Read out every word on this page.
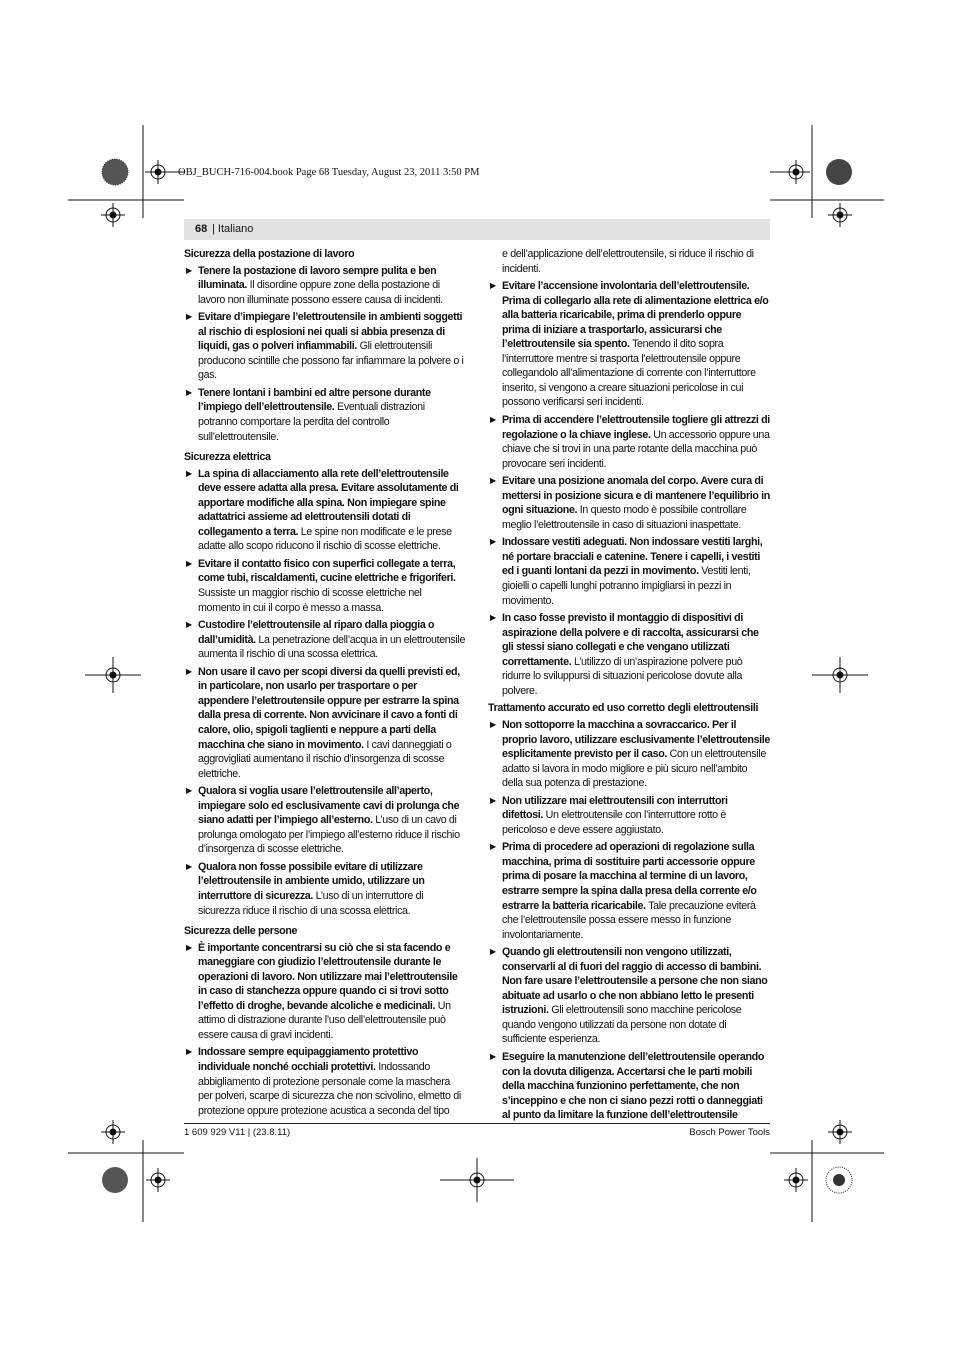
OBJ_BUCH-716-004.book Page 68 Tuesday, August 23, 2011 3:50 PM
68 | Italiano
Sicurezza della postazione di lavoro
▶ Tenere la postazione di lavoro sempre pulita e ben illuminata. Il disordine oppure zone della postazione di lavoro non illuminate possono essere causa di incidenti.
▶ Evitare d’impiegare l’elettroutensile in ambienti soggetti al rischio di esplosioni nei quali si abbia presenza di liquidi, gas o polveri infiammabili. Gli elettroutensili producono scintille che possono far infiammare la polvere o i gas.
▶ Tenere lontani i bambini ed altre persone durante l’impiego dell’elettroutensile. Eventuali distrazioni potranno comportare la perdita del controllo sull’elettroutensile.
Sicurezza elettrica
▶ La spina di allacciamento alla rete dell’elettroutensile deve essere adatta alla presa. Evitare assolutamente di apportare modifiche alla spina. Non impiegare spine adattatrici assieme ad elettroutensili dotati di collegamento a terra. Le spine non modificate e le prese adatte allo scopo riducono il rischio di scosse elettriche.
▶ Evitare il contatto fisico con superfici collegate a terra, come tubi, riscaldamenti, cucine elettriche e frigoriferi. Sussiste un maggior rischio di scosse elettriche nel momento in cui il corpo è messo a massa.
▶ Custodire l’elettroutensile al riparo dalla pioggia o dall’umidità. La penetrazione dell’acqua in un elettroutensile aumenta il rischio di una scossa elettrica.
▶ Non usare il cavo per scopi diversi da quelli previsti ed, in particolare, non usarlo per trasportare o per appendere l’elettroutensile oppure per estrarre la spina dalla presa di corrente. Non avvicinare il cavo a fonti di calore, olio, spigoli taglienti e neppure a parti della macchina che siano in movimento. I cavi danneggiati o aggrovigliati aumentano il rischio d’insorgenza di scosse elettriche.
▶ Qualora si voglia usare l’elettroutensile all’aperto, impiegare solo ed esclusivamente cavi di prolunga che siano adatti per l’impiego all’esterno. L’uso di un cavo di prolunga omologato per l’impiego all’esterno riduce il rischio d’insorgenza di scosse elettriche.
▶ Qualora non fosse possibile evitare di utilizzare l’elettroutensile in ambiente umido, utilizzare un interruttore di sicurezza. L’uso di un interruttore di sicurezza riduce il rischio di una scossa elettrica.
Sicurezza delle persone
▶ È importante concentrarsi su ciò che si sta facendo e maneggiare con giudizio l’elettroutensile durante le operazioni di lavoro. Non utilizzare mai l’elettroutensile in caso di stanchezza oppure quando ci si trovi sotto l’effetto di droghe, bevande alcoliche e medicinali. Un attimo di distrazione durante l’uso dell’elettroutensile può essere causa di gravi incidenti.
▶ Indossare sempre equipaggiamento protettivo individuale nonché occhiali protettivi. Indossando abbigliamento di protezione personale come la maschera per polveri, scarpe di sicurezza che non scivolino, elmetto di protezione oppure protezione acustica a seconda del tipo
e dell’applicazione dell’elettroutensile, si riduce il rischio di incidenti.
▶ Evitare l’accensione involontaria dell’elettroutensile. Prima di collegarlo alla rete di alimentazione elettrica e/o alla batteria ricaricabile, prima di prenderlo oppure prima di iniziare a trasportarlo, assicurarsi che l’elettroutensile sia spento. Tenendo il dito sopra l’interruttore mentre si trasporta l’elettroutensile oppure collegandolo all’alimentazione di corrente con l’interruttore inserito, si vengono a creare situazioni pericolose in cui possono verificarsi seri incidenti.
▶ Prima di accendere l’elettroutensile togliere gli attrezzi di regolazione o la chiave inglese. Un accessorio oppure una chiave che si trovi in una parte rotante della macchina può provocare seri incidenti.
▶ Evitare una posizione anomala del corpo. Avere cura di mettersi in posizione sicura e di mantenere l’equilibrio in ogni situazione. In questo modo è possibile controllare meglio l’elettroutensile in caso di situazioni inaspettate.
▶ Indossare vestiti adeguati. Non indossare vestiti larghi, né portare bracciali e catenine. Tenere i capelli, i vestiti ed i guanti lontani da pezzi in movimento. Vestiti lenti, gioielli o capelli lunghi potranno impigliarsi in pezzi in movimento.
▶ In caso fosse previsto il montaggio di dispositivi di aspirazione della polvere e di raccolta, assicurarsi che gli stessi siano collegati e che vengano utilizzati correttamente. L’utilizzo di un’aspirazione polvere può ridurre lo sviluppursi di situazioni pericolose dovute alla polvere.
Trattamento accurato ed uso corretto degli elettroutensili
▶ Non sottoporre la macchina a sovraccarico. Per il proprio lavoro, utilizzare esclusivamente l’elettroutensile esplicitamente previsto per il caso. Con un elettroutensile adatto si lavora in modo migliore e più sicuro nell’ambito della sua potenza di prestazione.
▶ Non utilizzare mai elettroutensili con interruttori difettosi. Un elettroutensile con l’interruttore rotto è pericoloso e deve essere aggiustato.
▶ Prima di procedere ad operazioni di regolazione sulla macchina, prima di sostituire parti accessorie oppure prima di posare la macchina al termine di un lavoro, estrarre sempre la spina dalla presa della corrente e/o estrarre la batteria ricaricabile. Tale precauzione eviterà che l’elettroutensile possa essere messo in funzione involontariamente.
▶ Quando gli elettroutensili non vengono utilizzati, conservarli al di fuori del raggio di accesso di bambini. Non fare usare l’elettroutensile a persone che non siano abituate ad usarlo o che non abbiano letto le presenti istruzioni. Gli elettroutensili sono macchine pericolose quando vengono utilizzati da persone non dotate di sufficiente esperienza.
▶ Eseguire la manutenzione dell’elettroutensile operando con la dovuta diligenza. Accertarsi che le parti mobili della macchina funzionino perfettamente, che non s’inceppino e che non ci siano pezzi rotti o danneggiati al punto da limitare la funzione dell’elettroutensile
1 609 929 V11 | (23.8.11)	Bosch Power Tools
